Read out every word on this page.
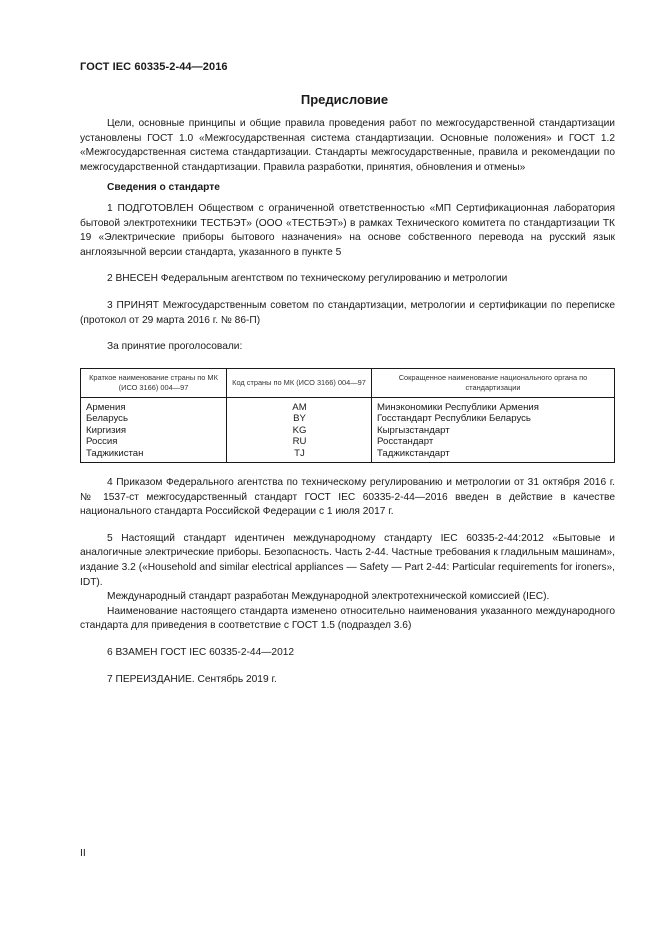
ГОСТ IEC 60335-2-44—2016
Предисловие

Цели, основные принципы и общие правила проведения работ по межгосударственной стандартизации установлены ГОСТ 1.0 «Межгосударственная система стандартизации. Основные положения» и ГОСТ 1.2 «Межгосударственная система стандартизации. Стандарты межгосударственные, правила и рекомендации по межгосударственной стандартизации. Правила разработки, принятия, обновления и отмены»

Сведения о стандарте

1 ПОДГОТОВЛЕН Обществом с ограниченной ответственностью «МП Сертификационная лаборатория бытовой электротехники ТЕСТБЭТ» (ООО «ТЕСТБЭТ») в рамках Технического комитета по стандартизации ТК 19 «Электрические приборы бытового назначения» на основе собственного перевода на русский язык англоязычной версии стандарта, указанного в пункте 5

2 ВНЕСЕН Федеральным агентством по техническому регулированию и метрологии

3 ПРИНЯТ Межгосударственным советом по стандартизации, метрологии и сертификации по переписке (протокол от 29 марта 2016 г. № 86-П)

За принятие проголосовали:

Краткое наименование страны по МК (ИСО 3166) 004—97	Код страны по МК (ИСО 3166) 004—97	Сокращенное наименование национального органа по стандартизации
Армения	AM	Минэкономики Республики Армения
Беларусь	BY	Госстандарт Республики Беларусь
Киргизия	KG	Кыргызстандарт
Россия	RU	Росстандарт
Таджикистан	TJ	Таджикстандарт

4 Приказом Федерального агентства по техническому регулированию и метрологии от 31 октября 2016 г. № 1537-ст межгосударственный стандарт ГОСТ IEC 60335-2-44—2016 введен в действие в качестве национального стандарта Российской Федерации с 1 июля 2017 г.

5 Настоящий стандарт идентичен международному стандарту IEC 60335-2-44:2012 «Бытовые и аналогичные электрические приборы. Безопасность. Часть 2-44. Частные требования к гладильным машинам», издание 3.2 («Household and similar electrical appliances — Safety — Part 2-44: Particular requirements for ironers», IDT).

Международный стандарт разработан Международной электротехнической комиссией (IEC).

Наименование настоящего стандарта изменено относительно наименования указанного международного стандарта для приведения в соответствие с ГОСТ 1.5 (подраздел 3.6)

6 ВЗАМЕН ГОСТ IEC 60335-2-44—2012

7 ПЕРЕИЗДАНИЕ. Сентябрь 2019 г.

II
